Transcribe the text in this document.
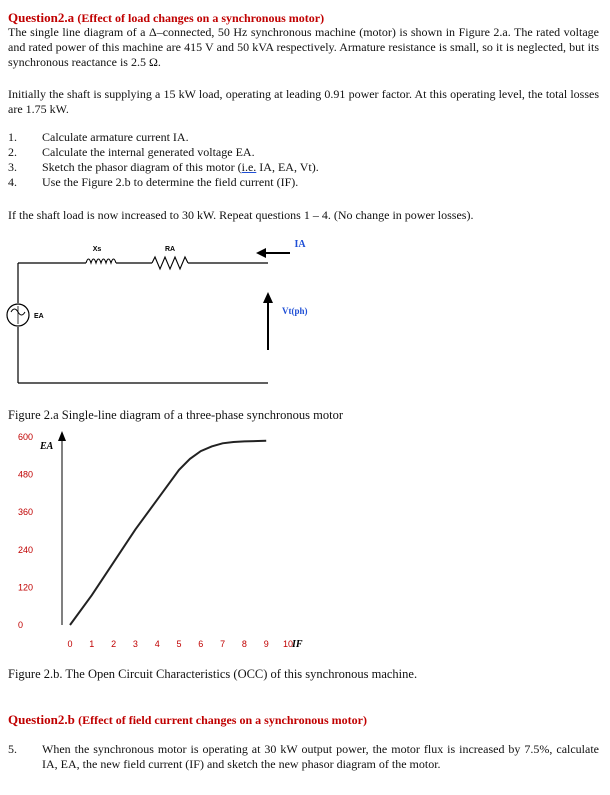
Question2.a (Effect of load changes on a synchronous motor)
The single line diagram of a Δ–connected, 50 Hz synchronous machine (motor) is shown in Figure 2.a. The rated voltage and rated power of this machine are 415 V and 50 kVA respectively. Armature resistance is small, so it is neglected, but its synchronous reactance is 2.5 Ω.
Initially the shaft is supplying a 15 kW load, operating at leading 0.91 power factor. At this operating level, the total losses are 1.75 kW.
1.	Calculate armature current IA.
2.	Calculate the internal generated voltage EA.
3.	Sketch the phasor diagram of this motor (i.e. IA, EA, Vt).
4.	Use the Figure 2.b to determine the field current (IF).
If the shaft load is now increased to 30 kW. Repeat questions 1 – 4. (No change in power losses).
Xs	RA
EA
IA
Vt(ph)
Figure 2.a Single-line diagram of a three-phase synchronous motor
EA
IF
600
480
360
240
120
0
0 1 2 3 4 5 6 7 8 9 10
Figure 2.b. The Open Circuit Characteristics (OCC) of this synchronous machine.
Question2.b (Effect of field current changes on a synchronous motor)
5.	When the synchronous motor is operating at 30 kW output power, the motor flux is increased by 7.5%, calculate IA, EA, the new field current (IF) and sketch the new phasor diagram of the motor.
